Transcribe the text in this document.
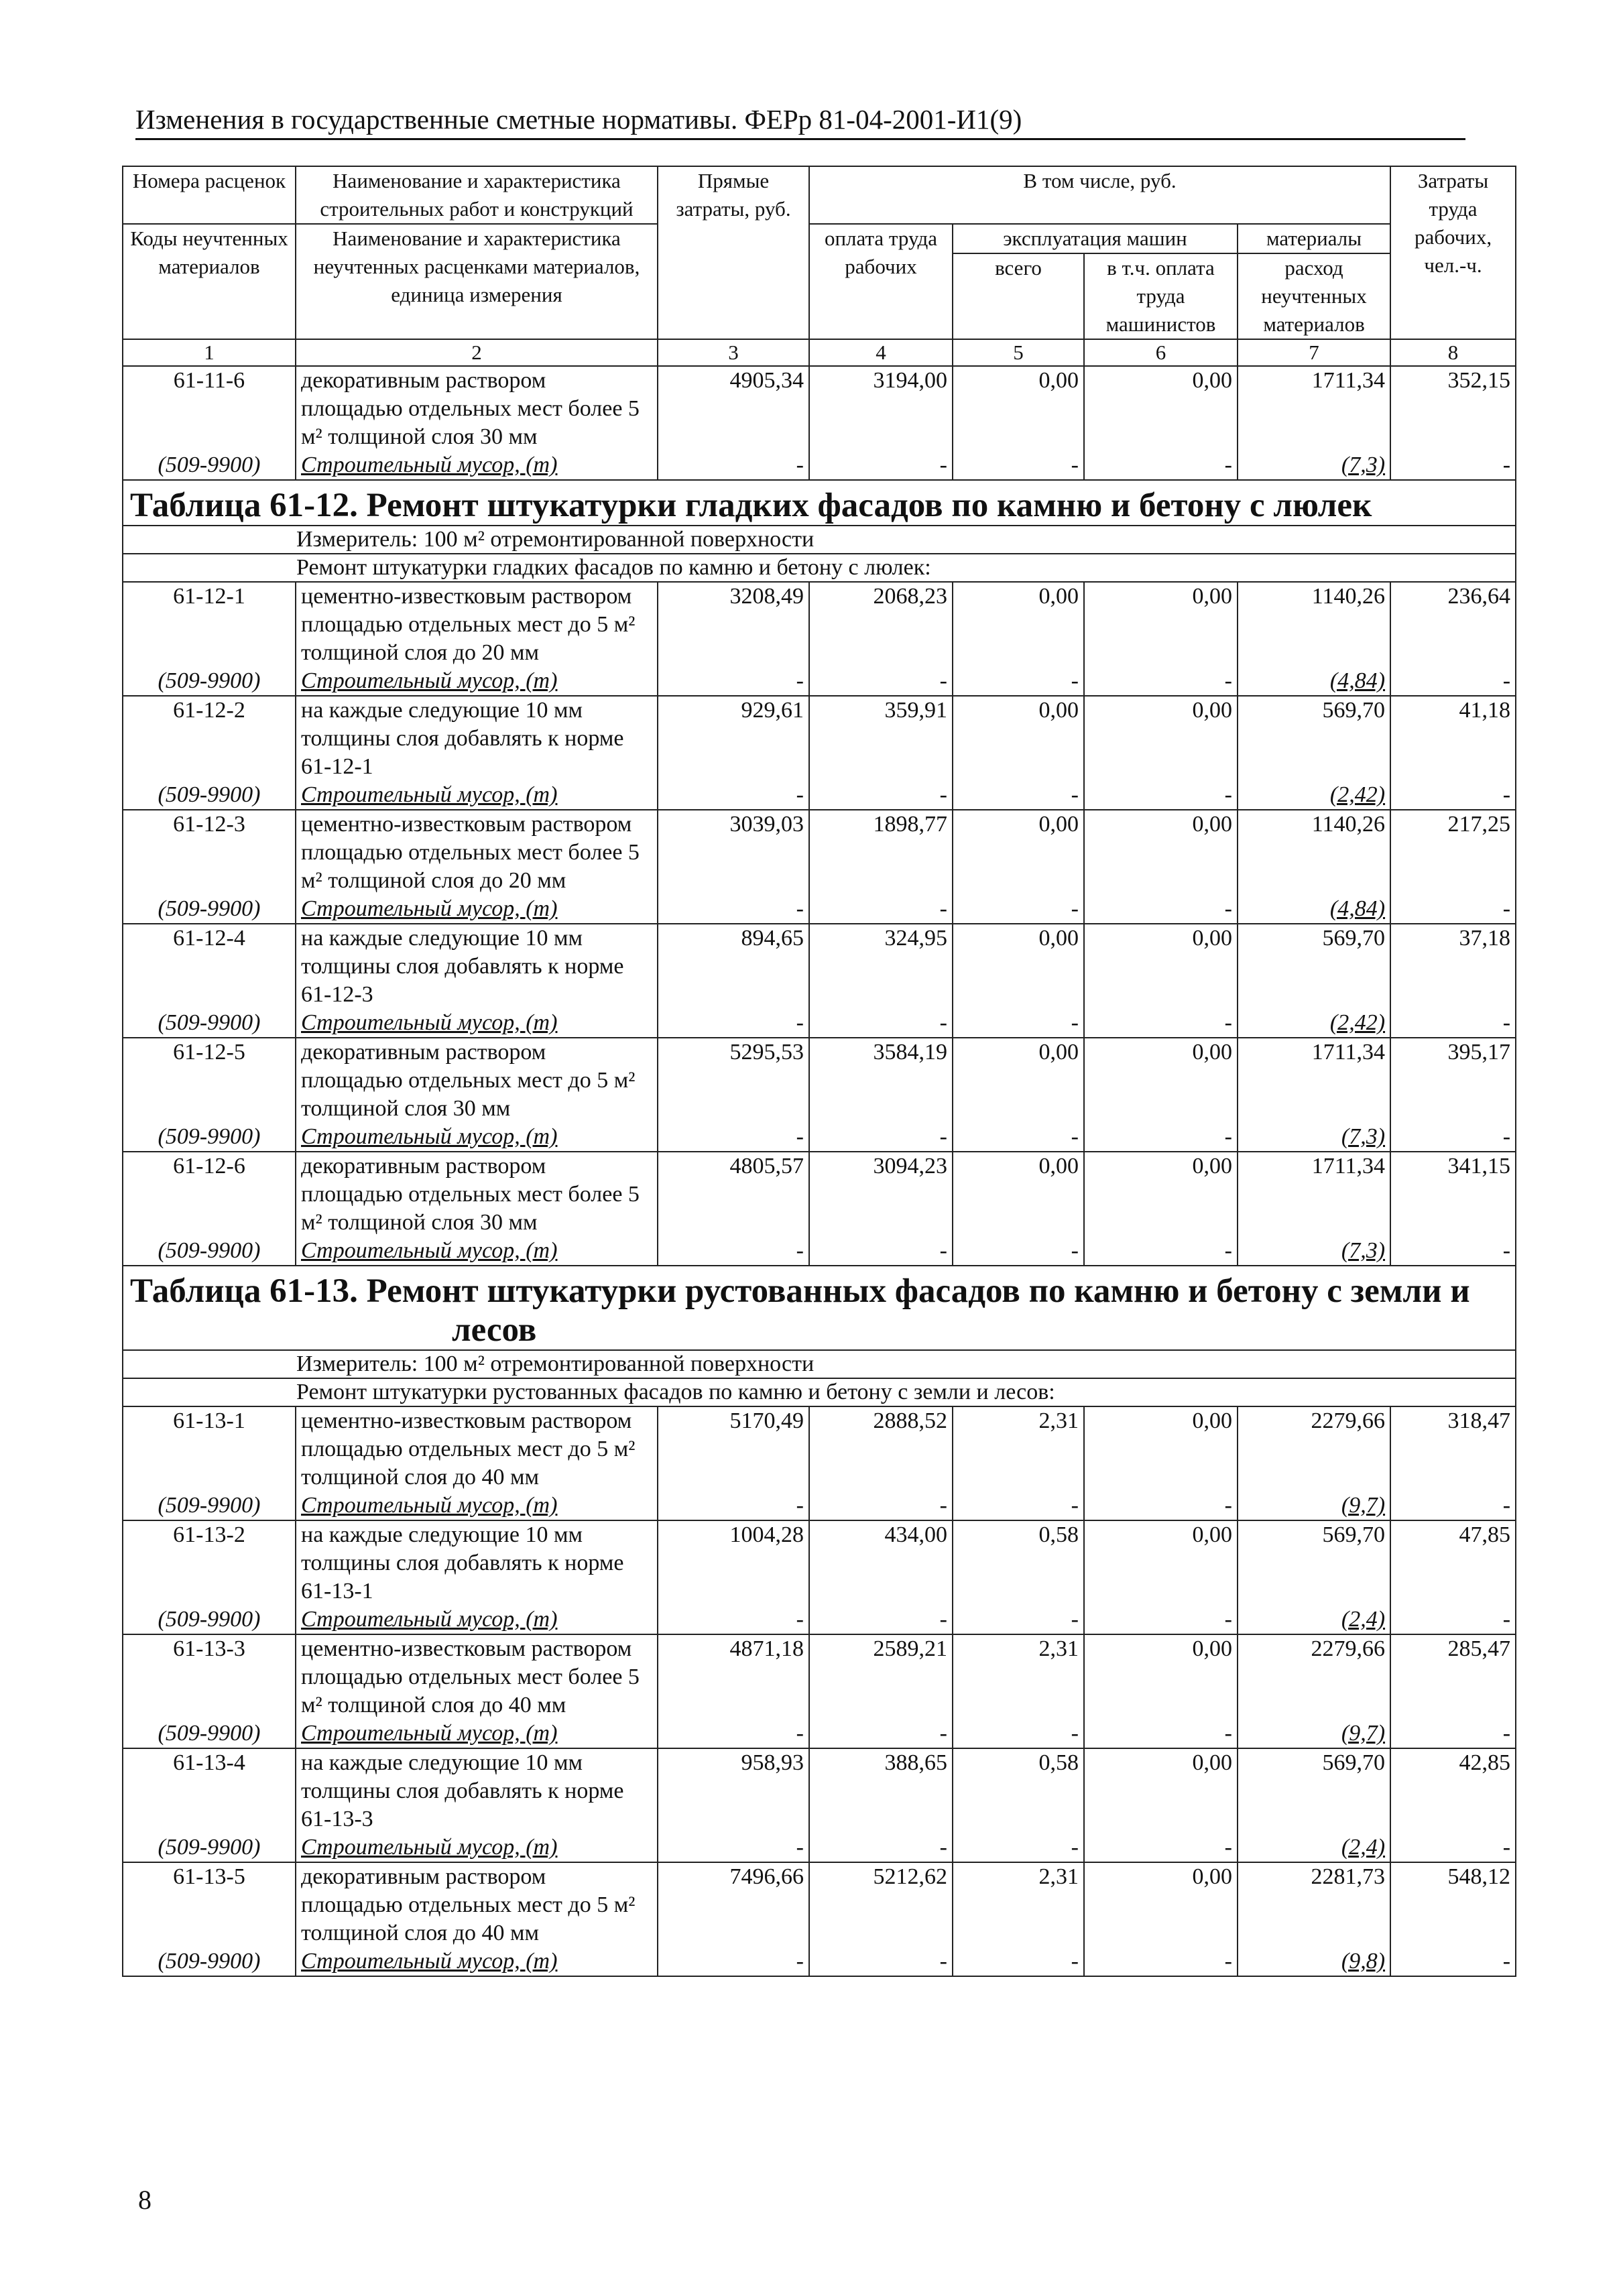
Изменения в государственные сметные нормативы. ФЕРр 81-04-2001-И1(9)
Номера расценок	Наименование и характеристика строительных работ и конструкций	Прямые затраты, руб.	В том числе, руб.				Затраты труда рабочих, чел.-ч.
Коды неучтенных материалов	Наименование и характеристика неучтенных расценками материалов, единица измерения		оплата труда рабочих	эксплуатация машин		материалы	
				всего	в т.ч. оплата труда машинистов	расход неучтенных материалов	
1	2	3	4	5	6	7	8
61-11-6	декоративным раствором площадью отдельных мест более 5 м² толщиной слоя 30 мм	4905,34	3194,00	0,00	0,00	1711,34	352,15
(509-9900)	Строительный мусор, (т)	-	-	-	-	(7,3)	-
Таблица 61-12. Ремонт штукатурки гладких фасадов по камню и бетону с люлек							
Измеритель: 100 м² отремонтированной поверхности							
Ремонт штукатурки гладких фасадов по камню и бетону с люлек:							
61-12-1	цементно-известковым раствором площадью отдельных мест до 5 м² толщиной слоя до 20 мм	3208,49	2068,23	0,00	0,00	1140,26	236,64
(509-9900)	Строительный мусор, (т)	-	-	-	-	(4,84)	-
61-12-2	на каждые следующие 10 мм толщины слоя добавлять к норме 61-12-1	929,61	359,91	0,00	0,00	569,70	41,18
(509-9900)	Строительный мусор, (т)	-	-	-	-	(2,42)	-
61-12-3	цементно-известковым раствором площадью отдельных мест более 5 м² толщиной слоя до 20 мм	3039,03	1898,77	0,00	0,00	1140,26	217,25
(509-9900)	Строительный мусор, (т)	-	-	-	-	(4,84)	-
61-12-4	на каждые следующие 10 мм толщины слоя добавлять к норме 61-12-3	894,65	324,95	0,00	0,00	569,70	37,18
(509-9900)	Строительный мусор, (т)	-	-	-	-	(2,42)	-
61-12-5	декоративным раствором площадью отдельных мест до 5 м² толщиной слоя 30 мм	5295,53	3584,19	0,00	0,00	1711,34	395,17
(509-9900)	Строительный мусор, (т)	-	-	-	-	(7,3)	-
61-12-6	декоративным раствором площадью отдельных мест более 5 м² толщиной слоя 30 мм	4805,57	3094,23	0,00	0,00	1711,34	341,15
(509-9900)	Строительный мусор, (т)	-	-	-	-	(7,3)	-
Таблица 61-13. Ремонт штукатурки рустованных фасадов по камню и бетону с земли и
лесов							

Измеритель: 100 м² отремонтированной поверхности							
Ремонт штукатурки рустованных фасадов по камню и бетону с земли и лесов:							
61-13-1	цементно-известковым раствором площадью отдельных мест до 5 м² толщиной слоя до 40 мм	5170,49	2888,52	2,31	0,00	2279,66	318,47
(509-9900)	Строительный мусор, (т)	-	-	-	-	(9,7)	-
61-13-2	на каждые следующие 10 мм толщины слоя добавлять к норме 61-13-1	1004,28	434,00	0,58	0,00	569,70	47,85
(509-9900)	Строительный мусор, (т)	-	-	-	-	(2,4)	-
61-13-3	цементно-известковым раствором площадью отдельных мест более 5 м² толщиной слоя до 40 мм	4871,18	2589,21	2,31	0,00	2279,66	285,47
(509-9900)	Строительный мусор, (т)	-	-	-	-	(9,7)	-
61-13-4	на каждые следующие 10 мм толщины слоя добавлять к норме 61-13-3	958,93	388,65	0,58	0,00	569,70	42,85
(509-9900)	Строительный мусор, (т)	-	-	-	-	(2,4)	-
61-13-5	декоративным раствором площадью отдельных мест до 5 м² толщиной слоя до 40 мм	7496,66	5212,62	2,31	0,00	2281,73	548,12
(509-9900)	Строительный мусор, (т)	-	-	-	-	(9,8)	-
8
